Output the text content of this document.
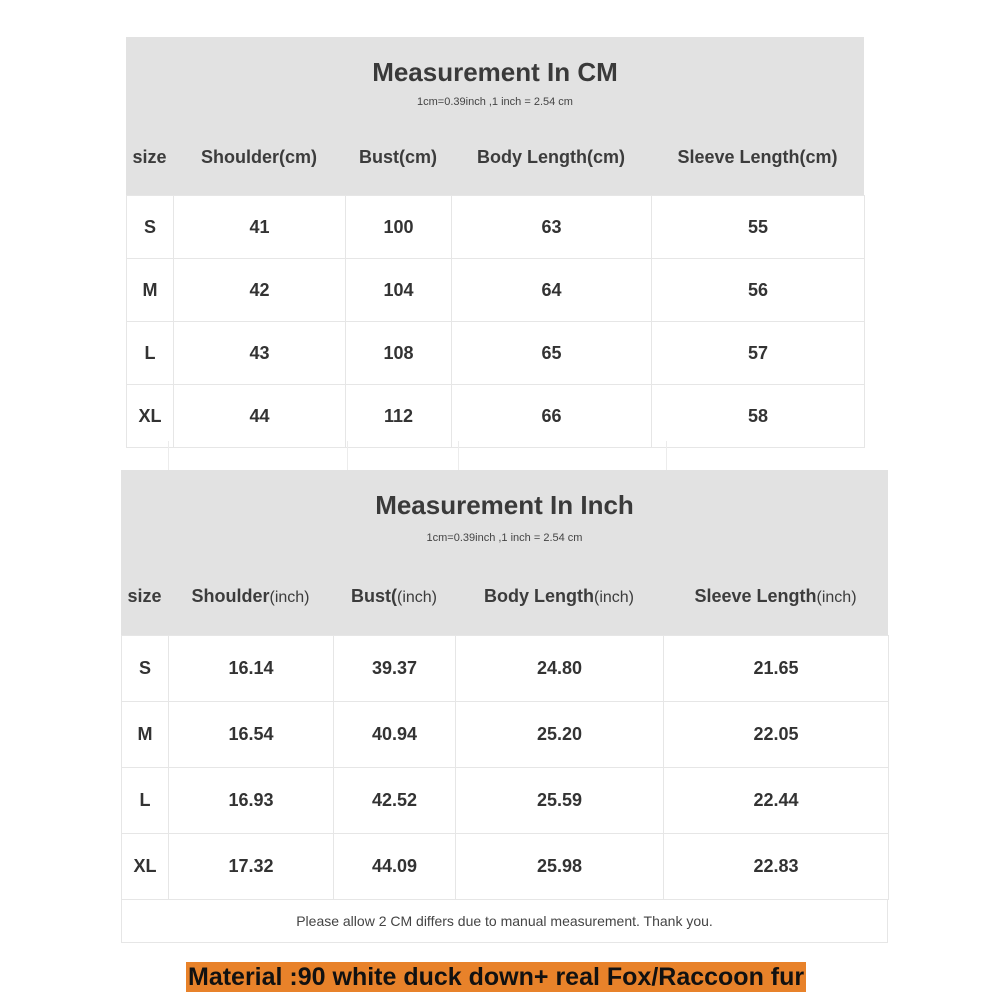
Measurement In CM
1cm=0.39inch ,1 inch = 2.54 cm
size	Shoulder(cm)	Bust(cm)	Body Length(cm)	Sleeve Length(cm)
S	41	100	63	55
M	42	104	64	56
L	43	108	65	57
XL	44	112	66	58
Measurement In Inch
1cm=0.39inch ,1 inch = 2.54 cm
size	Shoulder(inch)	Bust((inch)	Body Length(inch)	Sleeve Length(inch)
S	16.14	39.37	24.80	21.65
M	16.54	40.94	25.20	22.05
L	16.93	42.52	25.59	22.44
XL	17.32	44.09	25.98	22.83
Please allow 2 CM differs due to manual measurement. Thank you.
Material :90 white duck down+ real Fox/Raccoon fur
